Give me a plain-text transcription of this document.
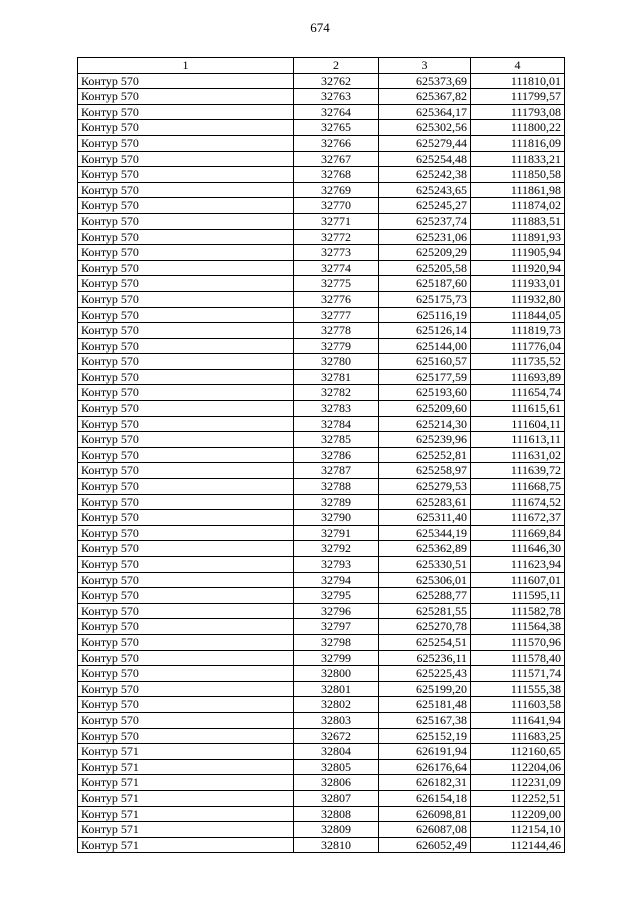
674
1	2	3	4
Контур 570	32762	625373,69	111810,01
Контур 570	32763	625367,82	111799,57
Контур 570	32764	625364,17	111793,08
Контур 570	32765	625302,56	111800,22
Контур 570	32766	625279,44	111816,09
Контур 570	32767	625254,48	111833,21
Контур 570	32768	625242,38	111850,58
Контур 570	32769	625243,65	111861,98
Контур 570	32770	625245,27	111874,02
Контур 570	32771	625237,74	111883,51
Контур 570	32772	625231,06	111891,93
Контур 570	32773	625209,29	111905,94
Контур 570	32774	625205,58	111920,94
Контур 570	32775	625187,60	111933,01
Контур 570	32776	625175,73	111932,80
Контур 570	32777	625116,19	111844,05
Контур 570	32778	625126,14	111819,73
Контур 570	32779	625144,00	111776,04
Контур 570	32780	625160,57	111735,52
Контур 570	32781	625177,59	111693,89
Контур 570	32782	625193,60	111654,74
Контур 570	32783	625209,60	111615,61
Контур 570	32784	625214,30	111604,11
Контур 570	32785	625239,96	111613,11
Контур 570	32786	625252,81	111631,02
Контур 570	32787	625258,97	111639,72
Контур 570	32788	625279,53	111668,75
Контур 570	32789	625283,61	111674,52
Контур 570	32790	625311,40	111672,37
Контур 570	32791	625344,19	111669,84
Контур 570	32792	625362,89	111646,30
Контур 570	32793	625330,51	111623,94
Контур 570	32794	625306,01	111607,01
Контур 570	32795	625288,77	111595,11
Контур 570	32796	625281,55	111582,78
Контур 570	32797	625270,78	111564,38
Контур 570	32798	625254,51	111570,96
Контур 570	32799	625236,11	111578,40
Контур 570	32800	625225,43	111571,74
Контур 570	32801	625199,20	111555,38
Контур 570	32802	625181,48	111603,58
Контур 570	32803	625167,38	111641,94
Контур 570	32672	625152,19	111683,25
Контур 571	32804	626191,94	112160,65
Контур 571	32805	626176,64	112204,06
Контур 571	32806	626182,31	112231,09
Контур 571	32807	626154,18	112252,51
Контур 571	32808	626098,81	112209,00
Контур 571	32809	626087,08	112154,10
Контур 571	32810	626052,49	112144,46
